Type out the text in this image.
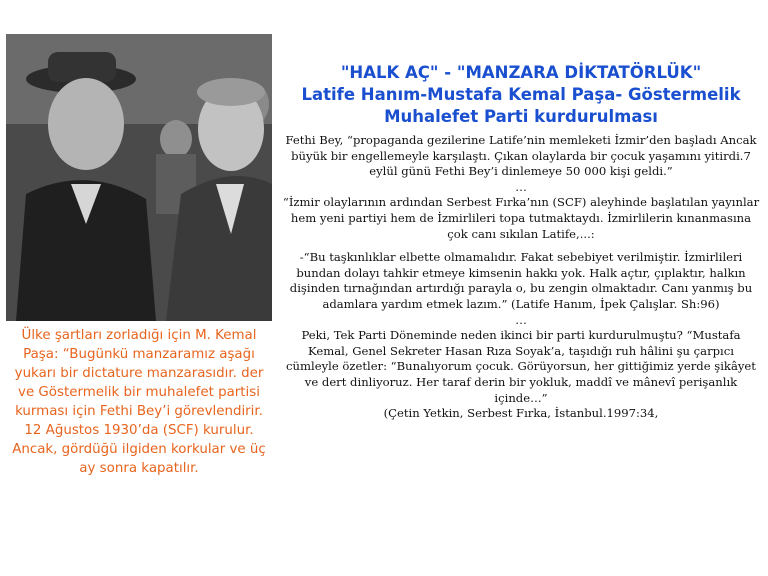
Ülke şartları zorladığı için M. Kemal Paşa: “Bugünkü manzaramız aşağı yukarı bir dictature manzarasıdır. der ve Göstermelik bir muhalefet partisi kurması için Fethi Bey’i görevlendirir. 12 Ağustos 1930’da (SCF) kurulur. Ancak, gördüğü ilgiden korkular ve üç ay sonra kapatılır.
"HALK AÇ" - "MANZARA DİKTATÖRLÜK"
Latife Hanım-Mustafa Kemal Paşa- Göstermelik
Muhalefet Parti kurdurulması

Fethi Bey, “propaganda gezilerine Latife’nin memleketi İzmir’den başladı Ancak büyük bir engellemeyle karşılaştı. Çıkan olaylarda bir çocuk yaşamını yitirdi.7 eylül günü Fethi Bey’i dinlemeye 50 000 kişi geldi.”

…

“İzmir olaylarının ardından Serbest Fırka’nın (SCF) aleyhinde başlatılan yayınlar hem yeni partiyi hem de İzmirlileri topa tutmaktaydı. İzmirlilerin kınanmasına çok canı sıkılan Latife,...:

-“Bu taşkınlıklar elbette olmamalıdır. Fakat sebebiyet verilmiştir. İzmirlileri bundan dolayı tahkir etmeye kimsenin hakkı yok. Halk açtır, çıplaktır, halkın dişinden tırnağından artırdığı parayla o, bu zengin olmaktadır. Canı yanmış bu adamlara yardım etmek lazım.” (Latife Hanım, İpek Çalışlar. Sh:96)

…

Peki, Tek Parti Döneminde neden ikinci bir parti kurdurulmuştu? “Mustafa Kemal, Genel Sekreter Hasan Rıza Soyak’a, taşıdığı ruh hâlini şu çarpıcı cümleyle özetler: “Bunalıyorum çocuk. Görüyorsun, her gittiğimiz yerde şikâyet ve dert dinliyoruz. Her taraf derin bir yokluk, maddî ve mânevî perişanlık içinde…”

(Çetin Yetkin, Serbest Fırka, İstanbul.1997:34,
